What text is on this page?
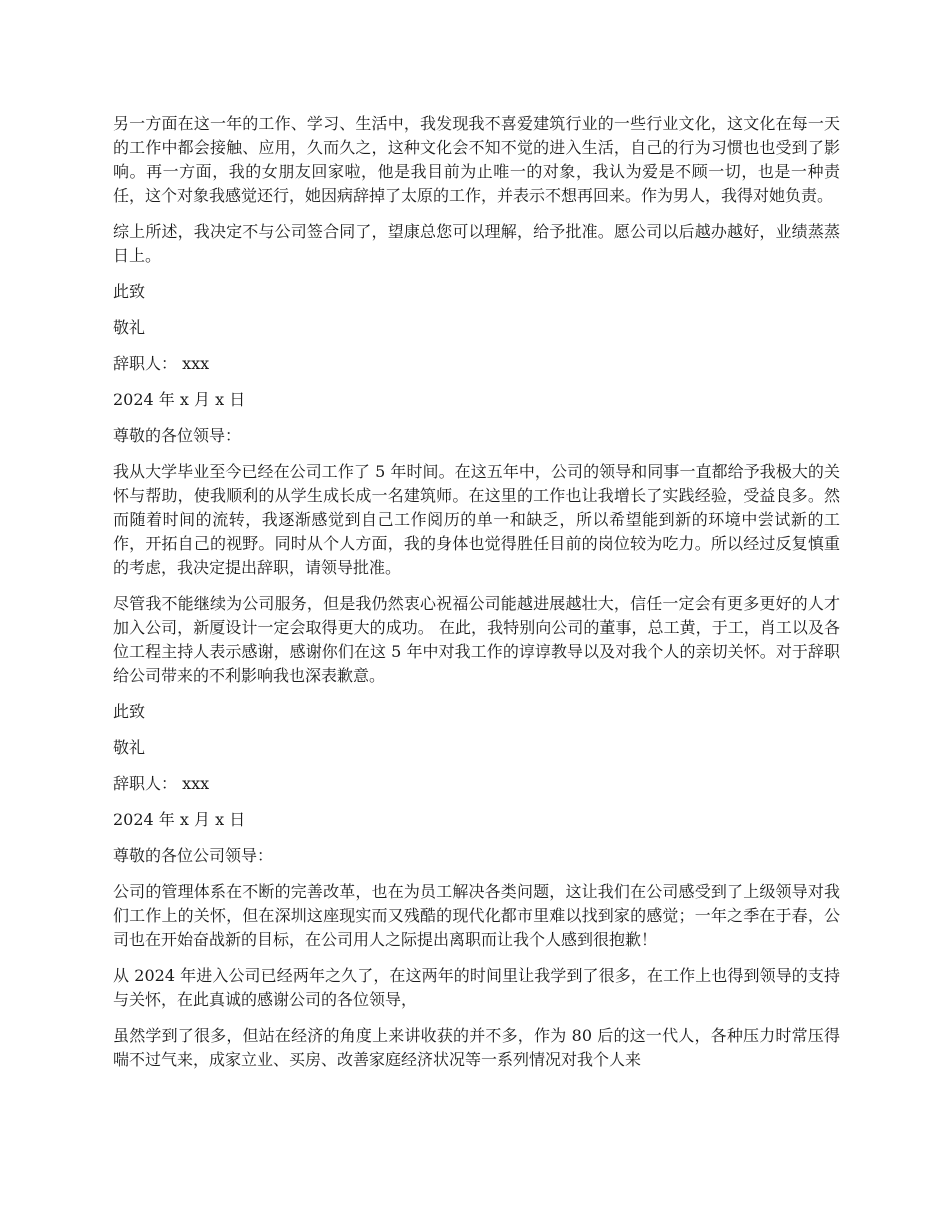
另一方面在这一年的工作、学习、生活中，我发现我不喜爱建筑行业的一些行业文化，这文化在每一天的工作中都会接触、应用，久而久之，这种文化会不知不觉的进入生活，自己的行为习惯也也受到了影响。再一方面，我的女朋友回家啦，他是我目前为止唯一的对象，我认为爱是不顾一切，也是一种责任，这个对象我感觉还行，她因病辞掉了太原的工作，并表示不想再回来。作为男人，我得对她负责。

综上所述，我决定不与公司签合同了，望康总您可以理解，给予批准。愿公司以后越办越好，业绩蒸蒸日上。

此致

敬礼

辞职人： xxx

2024 年 x 月 x 日

尊敬的各位领导：

我从大学毕业至今已经在公司工作了 5 年时间。在这五年中，公司的领导和同事一直都给予我极大的关怀与帮助，使我顺利的从学生成长成一名建筑师。在这里的工作也让我增长了实践经验，受益良多。然而随着时间的流转，我逐渐感觉到自己工作阅历的单一和缺乏，所以希望能到新的环境中尝试新的工作，开拓自己的视野。同时从个人方面，我的身体也觉得胜任目前的岗位较为吃力。所以经过反复慎重的考虑，我决定提出辞职，请领导批准。

尽管我不能继续为公司服务，但是我仍然衷心祝福公司能越进展越壮大，信任一定会有更多更好的人才加入公司，新厦设计一定会取得更大的成功。 在此，我特别向公司的董事，总工黄，于工，肖工以及各位工程主持人表示感谢，感谢你们在这 5 年中对我工作的谆谆教导以及对我个人的亲切关怀。对于辞职给公司带来的不利影响我也深表歉意。

此致

敬礼

辞职人： xxx

2024 年 x 月 x 日

尊敬的各位公司领导：

公司的管理体系在不断的完善改革，也在为员工解决各类问题，这让我们在公司感受到了上级领导对我们工作上的关怀，但在深圳这座现实而又残酷的现代化都市里难以找到家的感觉；一年之季在于春，公司也在开始奋战新的目标，在公司用人之际提出离职而让我个人感到很抱歉！

从 2024 年进入公司已经两年之久了，在这两年的时间里让我学到了很多，在工作上也得到领导的支持与关怀，在此真诚的感谢公司的各位领导，

虽然学到了很多，但站在经济的角度上来讲收获的并不多，作为 80 后的这一代人，各种压力时常压得喘不过气来，成家立业、买房、改善家庭经济状况等一系列情况对我个人来
